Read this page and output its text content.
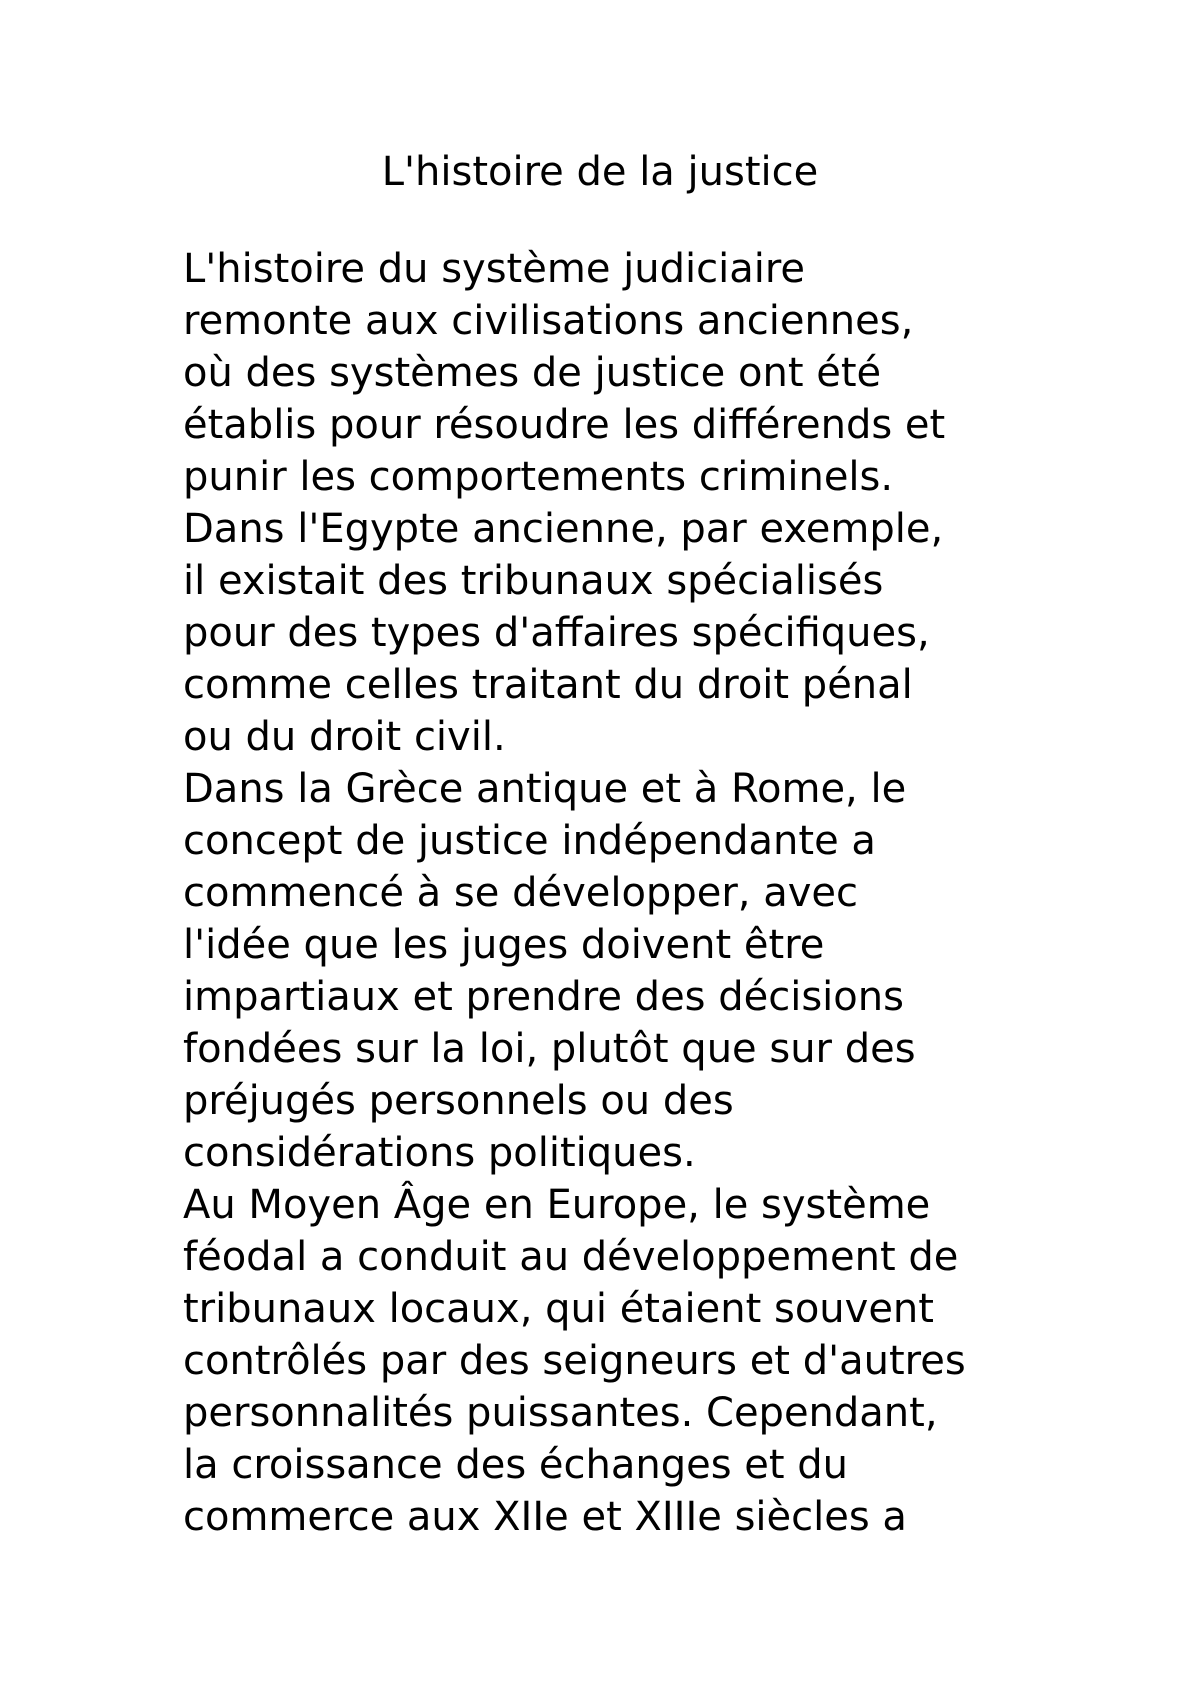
L'histoire de la justice
L'histoire du système judiciaire
remonte aux civilisations anciennes,
où des systèmes de justice ont été
établis pour résoudre les différends et
punir les comportements criminels.
Dans l'Egypte ancienne, par exemple,
il existait des tribunaux spécialisés
pour des types d'affaires spécifiques,
comme celles traitant du droit pénal
ou du droit civil.
Dans la Grèce antique et à Rome, le
concept de justice indépendante a
commencé à se développer, avec
l'idée que les juges doivent être
impartiaux et prendre des décisions
fondées sur la loi, plutôt que sur des
préjugés personnels ou des
considérations politiques.
Au Moyen Âge en Europe, le système
féodal a conduit au développement de
tribunaux locaux, qui étaient souvent
contrôlés par des seigneurs et d'autres
personnalités puissantes. Cependant,
la croissance des échanges et du
commerce aux XIIe et XIIIe siècles a
